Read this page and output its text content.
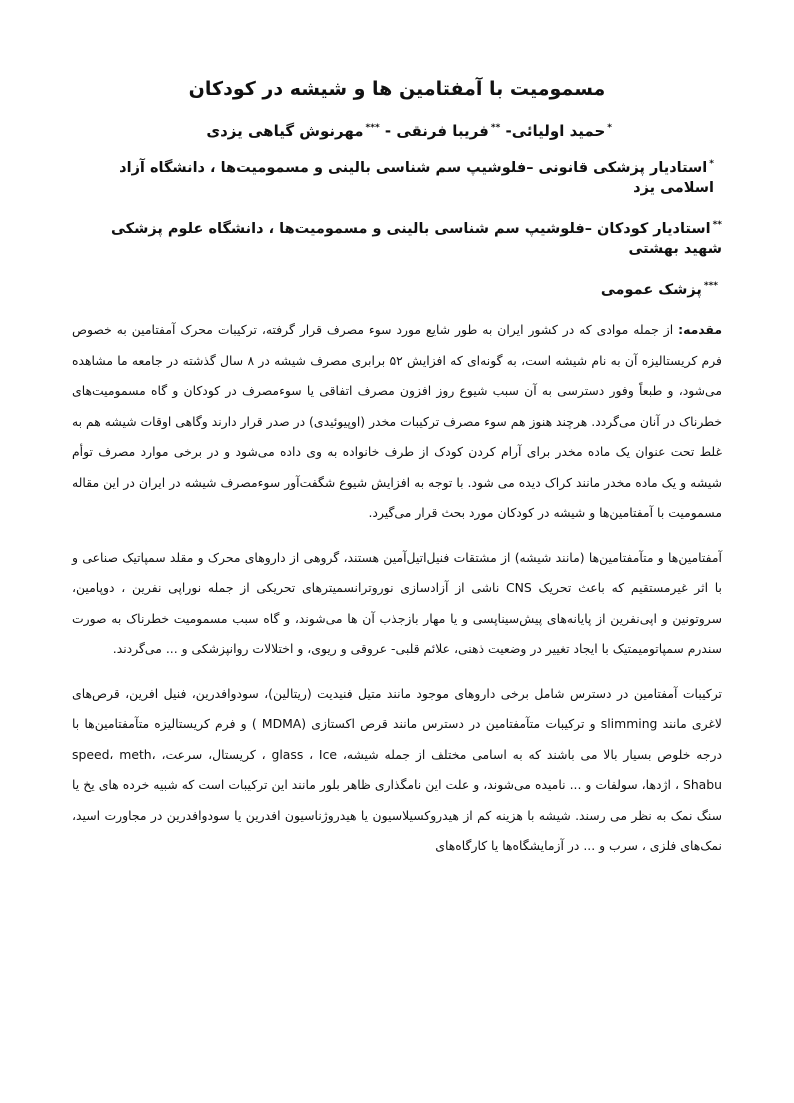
مسمومیت با آمفتامین ها و شیشه در کودکان
*حمید اولیائی- **فریبا فرنقی - ***مهرنوش گیاهی یزدی
*استادیار پزشکی قانونی –فلوشیپ سم شناسی بالینی و مسمومیت‌ها ، دانشگاه آزاد اسلامی یزد
**استادیار کودکان –فلوشیپ سم شناسی بالینی و مسمومیت‌ها ، دانشگاه علوم پزشکی شهید بهشتی
***پزشک عمومی

مقدمه: از جمله موادی که در کشور ایران به طور شایع مورد سوء مصرف قرار گرفته، ترکیبات محرک آمفتامین به خصوص فرم کریستالیزه آن به نام شیشه است، به گونه‌ای که افزایش ۵۲ برابری مصرف شیشه در ۸ سال گذشته در جامعه ما مشاهده می‌شود، و طبعاً وفور دسترسی به آن سبب شیوع روز افزون مصرف اتفاقی یا سوءمصرف در کودکان و گاه مسمومیت‌های خطرناک در آنان می‌گردد. هرچند هنوز هم سوء مصرف ترکیبات مخدر (اوپیوئیدی) در صدر قرار دارند وگاهی اوقات شیشه هم به غلط تحت عنوان یک ماده مخدر برای آرام کردن کودک از طرف خانواده به وی داده می‌شود و در برخی موارد مصرف توأم شیشه و یک ماده مخدر مانند کراک دیده می شود. با توجه به افزایش شیوع شگفت‌آور سوءمصرف شیشه در ایران در این مقاله مسمومیت با آمفتامین‌ها و شیشه در کودکان مورد بحث قرار می‌گیرد.

آمفتامین‌ها و متآمفتامین‌ها (مانند شیشه) از مشتقات فنیل‌اتیل‌آمین هستند، گروهی از داروهای محرک و مقلد سمپاتیک صناعی و با اثر غیرمستقیم که باعث تحریک CNS ناشی از آزادسازی نوروترانسمیترهای تحریکی از جمله نوراپی نفرین ، دوپامین، سروتونین و اپی‌نفرین از پایانه‌های پیش‌سیناپسی و یا مهار بازجذب آن ها می‌شوند، و گاه سبب مسمومیت خطرناک به صورت سندرم سمپاتومیمتیک با ایجاد تغییر در وضعیت ذهنی، علائم قلبی- عروقی و ریوی، و اختلالات روانپزشکی و ... می‌گردند.

ترکیبات آمفتامین در دسترس شامل برخی داروهای موجود مانند متیل فنیدیت (ریتالین)، سودوافدرین، فنیل افرین، قرص‌های لاغری مانند slimming و ترکیبات متآمفتامین در دسترس مانند قرص اکستازی (MDMA ) و فرم کریستالیزه متآمفتامین‌ها با درجه خلوص بسیار بالا می باشند که به اسامی مختلف از جمله شیشه، glass ، Ice ، کریستال، سرعت، speed، meth، Shabu ، اژدها، سولفات و ... نامیده می‌شوند، و علت این نامگذاری ظاهر بلور مانند این ترکیبات است که شبیه خرده های یخ یا سنگ نمک به نظر می رسند. شیشه با هزینه کم از هیدروکسیلاسیون یا هیدروژناسیون افدرین یا سودوافدرین در مجاورت اسید، نمک‌های فلزی ، سرب و ... در آزمایشگاه‌ها یا کارگاه‌های
